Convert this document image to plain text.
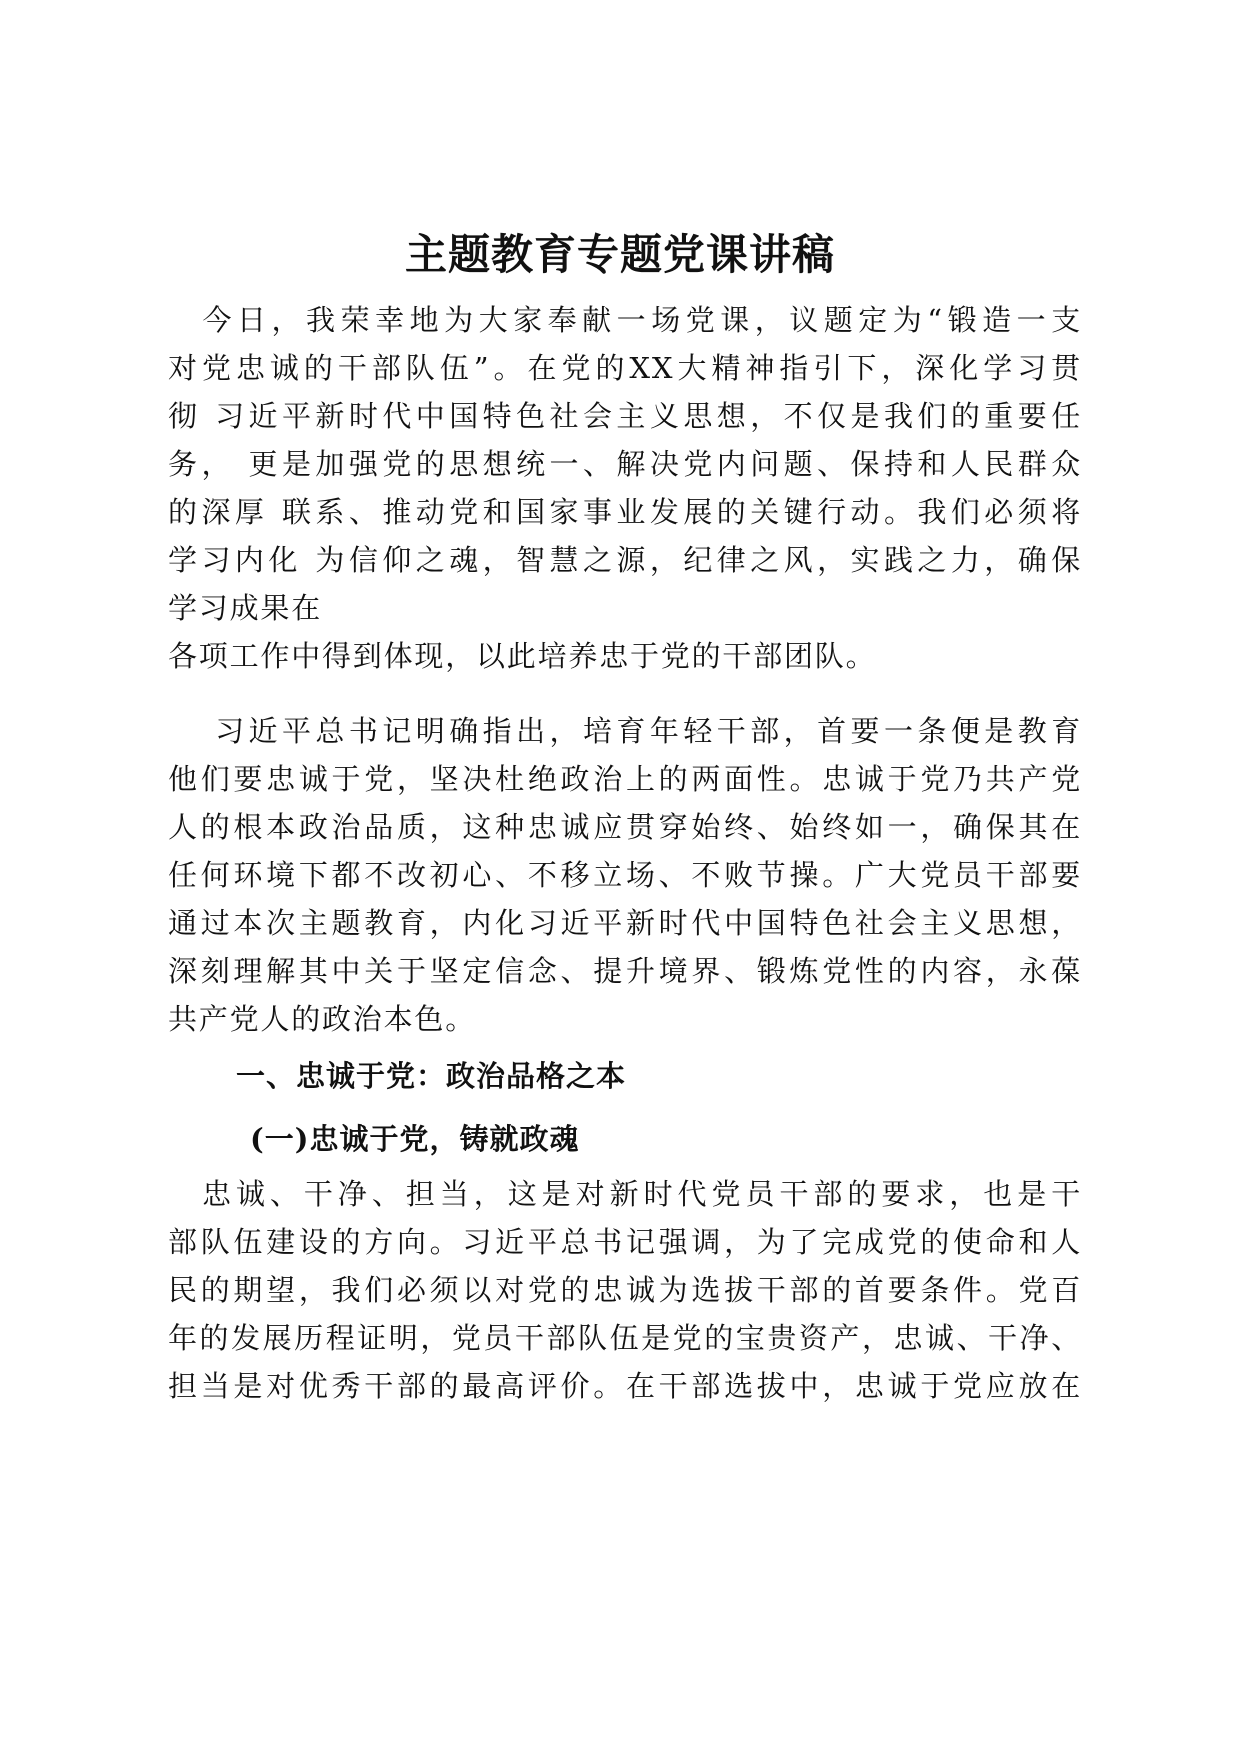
主题教育专题党课讲稿
　今日，我荣幸地为大家奉献一场党课，议题定为“锻造一支
对党忠诚的干部队伍”。在党的XX大精神指引下，深化学习贯
彻 习近平新时代中国特色社会主义思想，不仅是我们的重要任
务， 更是加强党的思想统一、解决党内问题、保持和人民群众
的深厚 联系、推动党和国家事业发展的关键行动。我们必须将
学习内化 为信仰之魂，智慧之源，纪律之风，实践之力，确保
学习成果在
各项工作中得到体现，以此培养忠于党的干部团队。
　 习近平总书记明确指出，培育年轻干部，首要一条便是教育
他们要忠诚于党，坚决杜绝政治上的两面性。忠诚于党乃共产党
人的根本政治品质，这种忠诚应贯穿始终、始终如一，确保其在
任何环境下都不改初心、不移立场、不败节操。广大党员干部要
通过本次主题教育，内化习近平新时代中国特色社会主义思想，
深刻理解其中关于坚定信念、提升境界、锻炼党性的内容，永葆
共产党人的政治本色。
一、忠诚于党：政治品格之本
(一)忠诚于党，铸就政魂
　忠诚、干净、担当，这是对新时代党员干部的要求，也是干
部队伍建设的方向。习近平总书记强调，为了完成党的使命和人
民的期望，我们必须以对党的忠诚为选拔干部的首要条件。党百
年的发展历程证明，党员干部队伍是党的宝贵资产，忠诚、干净、
担当是对优秀干部的最高评价。在干部选拔中，忠诚于党应放在
